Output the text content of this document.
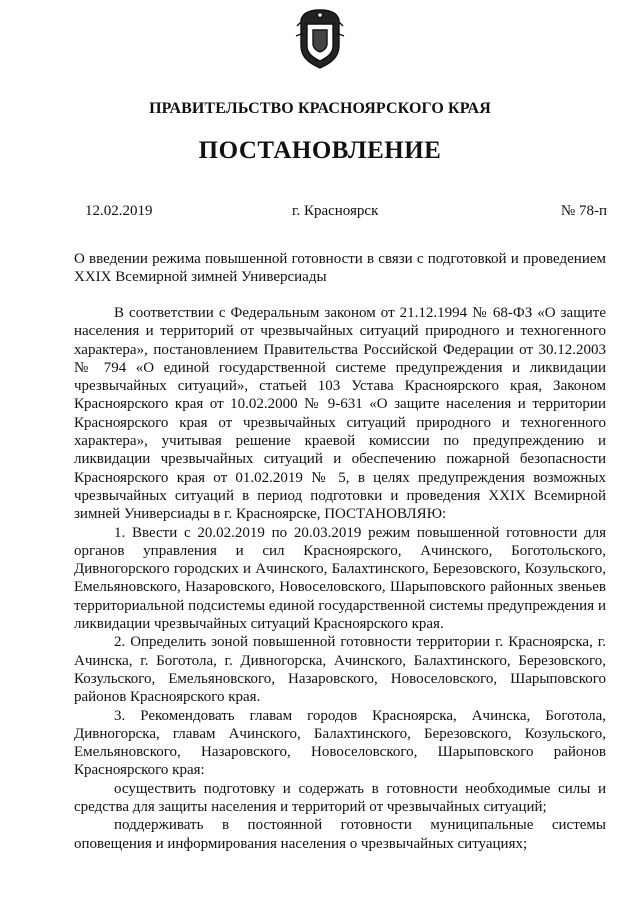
ПРАВИТЕЛЬСТВО КРАСНОЯРСКОГО КРАЯ
ПОСТАНОВЛЕНИЕ
12.02.2019	г. Красноярск	№ 78-п

О введении режима повышенной готовности в связи с подготовкой и проведением XXIX Всемирной зимней Универсиады

В соответствии с Федеральным законом от 21.12.1994 № 68-ФЗ «О защите населения и территорий от чрезвычайных ситуаций природного и техногенного характера», постановлением Правительства Российской Федерации от 30.12.2003 № 794 «О единой государственной системе предупреждения и ликвидации чрезвычайных ситуаций», статьей 103 Устава Красноярского края, Законом Красноярского края от 10.02.2000 № 9-631 «О защите населения и территории Красноярского края от чрезвычайных ситуаций природного и техногенного характера», учитывая решение краевой комиссии по предупреждению и ликвидации чрезвычайных ситуаций и обеспечению пожарной безопасности Красноярского края от 01.02.2019 № 5, в целях предупреждения возможных чрезвычайных ситуаций в период подготовки и проведения XXIX Всемирной зимней Универсиады в г. Красноярске, ПОСТАНОВЛЯЮ:

1. Ввести с 20.02.2019 по 20.03.2019 режим повышенной готовности для органов управления и сил Красноярского, Ачинского, Боготольского, Дивногорского городских и Ачинского, Балахтинского, Березовского, Козульского, Емельяновского, Назаровского, Новоселовского, Шарыповского районных звеньев территориальной подсистемы единой государственной системы предупреждения и ликвидации чрезвычайных ситуаций Красноярского края.

2. Определить зоной повышенной готовности территории г. Красноярска, г. Ачинска, г. Боготола, г. Дивногорска, Ачинского, Балахтинского, Березовского, Козульского, Емельяновского, Назаровского, Новоселовского, Шарыповского районов Красноярского края.

3. Рекомендовать главам городов Красноярска, Ачинска, Боготола, Дивногорска, главам Ачинского, Балахтинского, Березовского, Козульского, Емельяновского, Назаровского, Новоселовского, Шарыповского районов Красноярского края:

осуществить подготовку и содержать в готовности необходимые силы и средства для защиты населения и территорий от чрезвычайных ситуаций;

поддерживать в постоянной готовности муниципальные системы оповещения и информирования населения о чрезвычайных ситуациях;
